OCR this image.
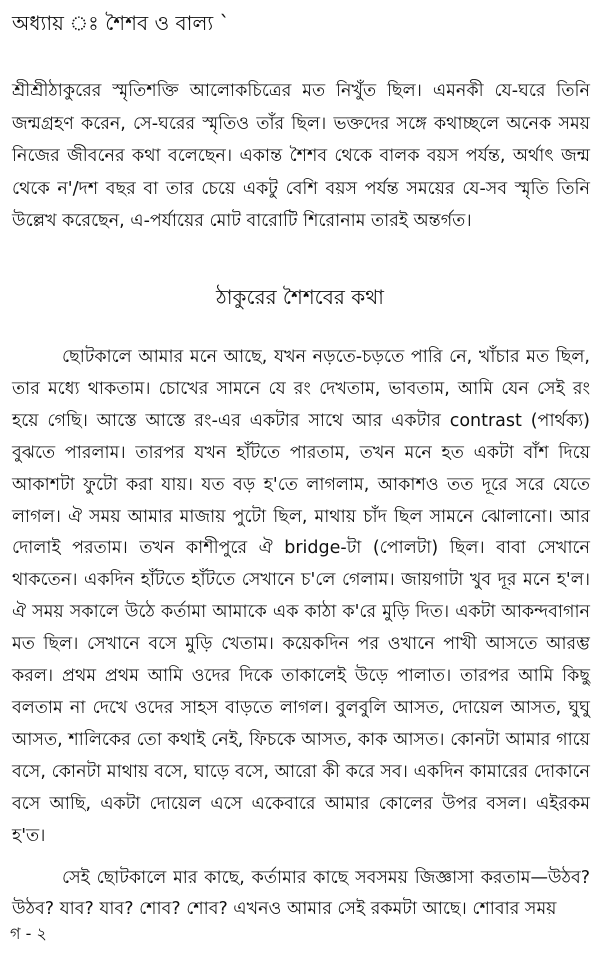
অধ্যায় ঃ শৈশব ও বাল্য ˋ
শ্রীশ্রীঠাকুরের স্মৃতিশক্তি আলোকচিত্রের মত নিখুঁত ছিল। এমনকী যে-ঘরে তিনি জন্মগ্রহণ করেন, সে-ঘরের স্মৃতিও তাঁর ছিল। ভক্তদের সঙ্গে কথাচ্ছলে অনেক সময় নিজের জীবনের কথা বলেছেন। একান্ত শৈশব থেকে বালক বয়স পর্যন্ত, অর্থাৎ জন্ম থেকে ন'/দশ বছর বা তার চেয়ে একটু বেশি বয়স পর্যন্ত সময়ের যে-সব স্মৃতি তিনি উল্লেখ করেছেন, এ-পর্যায়ের মোট বারোটি শিরোনাম তারই অন্তর্গত।
ঠাকুরের শৈশবের কথা

ছোটকালে আমার মনে আছে, যখন নড়তে-চড়তে পারি নে, খাঁচার মত ছিল, তার মধ্যে থাকতাম। চোখের সামনে যে রং দেখতাম, ভাবতাম, আমি যেন সেই রং হয়ে গেছি। আস্তে আস্তে রং-এর একটার সাথে আর একটার contrast (পার্থক্য) বুঝতে পারলাম। তারপর যখন হাঁটতে পারতাম, তখন মনে হত একটা বাঁশ দিয়ে আকাশটা ফুটো করা যায়। যত বড় হ'তে লাগলাম, আকাশও তত দূরে সরে যেতে লাগল। ঐ সময় আমার মাজায় পুটো ছিল, মাথায় চাঁদ ছিল সামনে ঝোলানো। আর দোলাই পরতাম। তখন কাশীপুরে ঐ bridge-টা (পোলটা) ছিল। বাবা সেখানে থাকতেন। একদিন হাঁটতে হাঁটতে সেখানে চ'লে গেলাম। জায়গাটা খুব দূর মনে হ'ল। ঐ সময় সকালে উঠে কর্তামা আমাকে এক কাঠা ক'রে মুড়ি দিত। একটা আকন্দবাগান মত ছিল। সেখানে বসে মুড়ি খেতাম। কয়েকদিন পর ওখানে পাখী আসতে আরম্ভ করল। প্রথম প্রথম আমি ওদের দিকে তাকালেই উড়ে পালাত। তারপর আমি কিছু বলতাম না দেখে ওদের সাহস বাড়তে লাগল। বুলবুলি আসত, দোয়েল আসত, ঘুঘু আসত, শালিকের তো কথাই নেই, ফিচকে আসত, কাক আসত। কোনটা আমার গায়ে বসে, কোনটা মাথায় বসে, ঘাড়ে বসে, আরো কী করে সব। একদিন কামারের দোকানে বসে আছি, একটা দোয়েল এসে একেবারে আমার কোলের উপর বসল। এইরকম হ'ত।

সেই ছোটকালে মার কাছে, কর্তামার কাছে সবসময় জিজ্ঞাসা করতাম—উঠব? উঠব? যাব? যাব? শোব? শোব? এখনও আমার সেই রকমটা আছে। শোবার সময়

গ - ২
